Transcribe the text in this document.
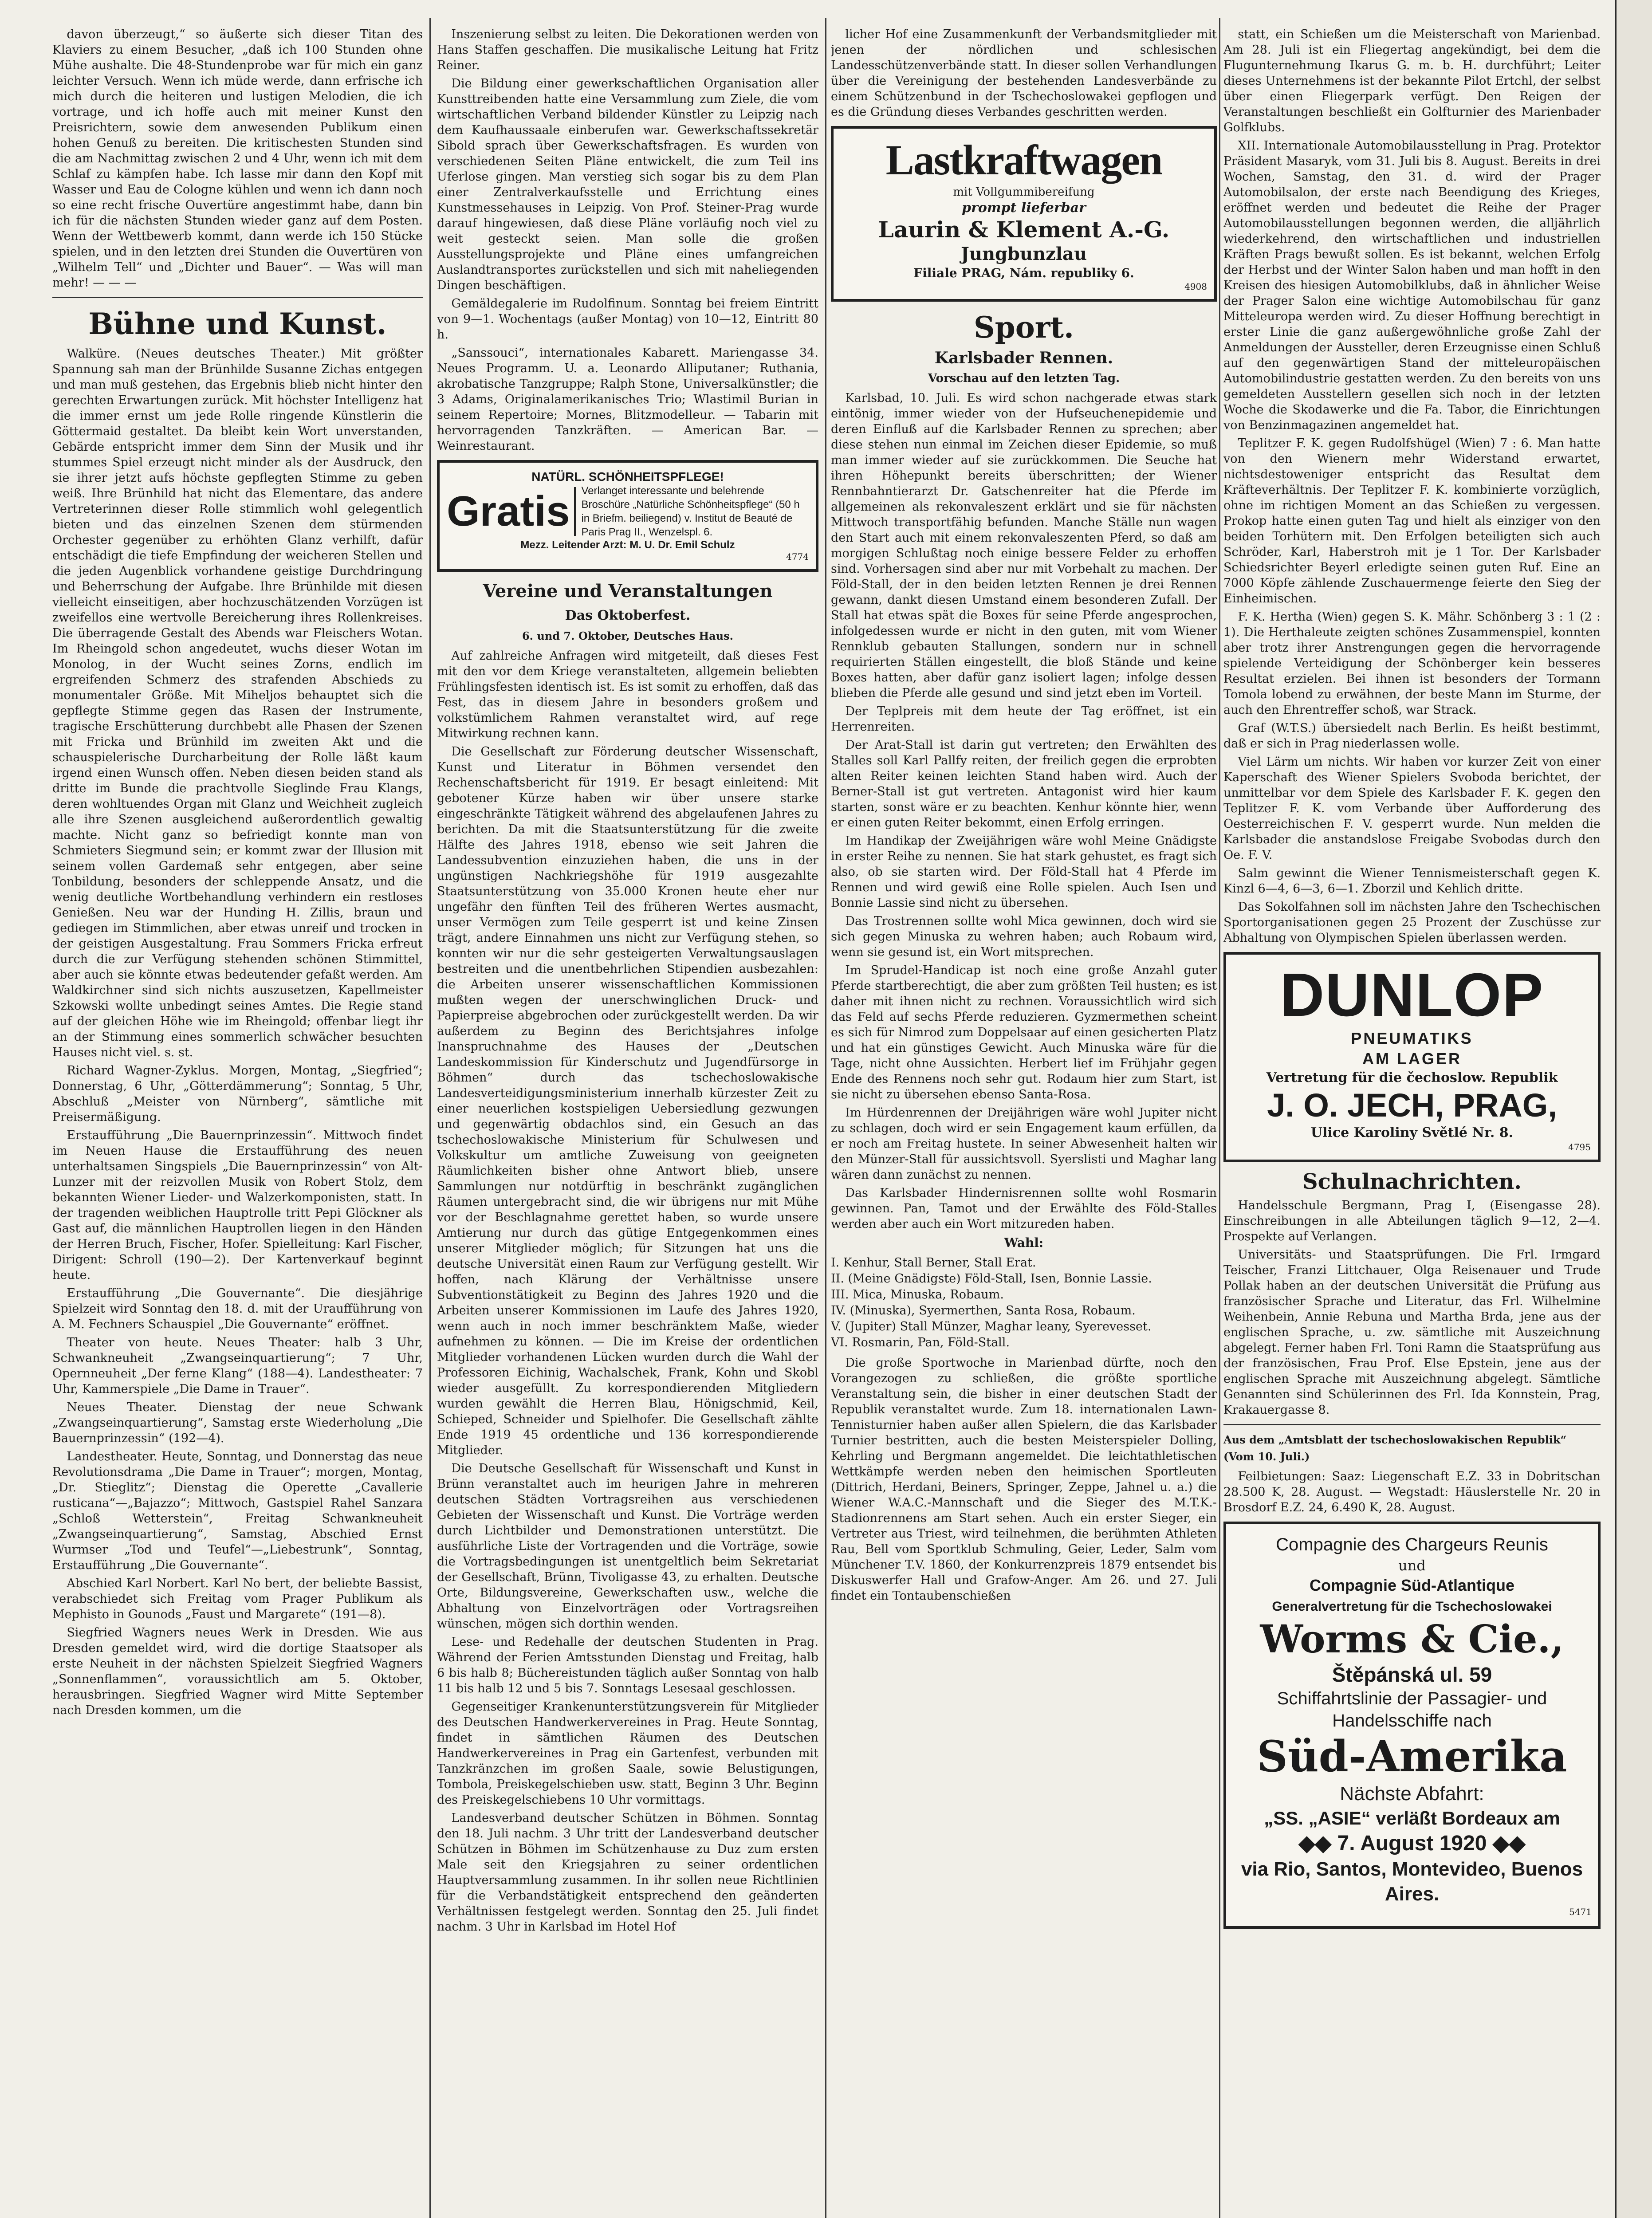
davon überzeugt,“ so äußerte sich dieser Titan des Klaviers zu einem Besucher, „daß ich 100 Stunden ohne Mühe aushalte. Die 48-Stundenprobe war für mich ein ganz leichter Versuch. Wenn ich müde werde, dann erfrische ich mich durch die heiteren und lustigen Melodien, die ich vortrage, und ich hoffe auch mit meiner Kunst den Preisrichtern, sowie dem anwesenden Publikum einen hohen Genuß zu bereiten. Die kritischesten Stunden sind die am Nachmittag zwischen 2 und 4 Uhr, wenn ich mit dem Schlaf zu kämpfen habe. Ich lasse mir dann den Kopf mit Wasser und Eau de Cologne kühlen und wenn ich dann noch so eine recht frische Ouvertüre angestimmt habe, dann bin ich für die nächsten Stunden wieder ganz auf dem Posten. Wenn der Wettbewerb kommt, dann werde ich 150 Stücke spielen, und in den letzten drei Stunden die Ouvertüren von „Wilhelm Tell“ und „Dichter und Bauer“. — Was will man mehr! — — —

Bühne und Kunst.

Walküre. (Neues deutsches Theater.) Mit größter Spannung sah man der Brünhilde Susanne Zichas entgegen und man muß gestehen, das Ergebnis blieb nicht hinter den gerechten Erwartungen zurück. Mit höchster Intelligenz hat die immer ernst um jede Rolle ringende Künstlerin die Göttermaid gestaltet. Da bleibt kein Wort unverstanden, Gebärde entspricht immer dem Sinn der Musik und ihr stummes Spiel erzeugt nicht minder als der Ausdruck, den sie ihrer jetzt aufs höchste gepflegten Stimme zu geben weiß. Ihre Brünhild hat nicht das Elementare, das andere Vertreterinnen dieser Rolle stimmlich wohl gelegentlich bieten und das einzelnen Szenen dem stürmenden Orchester gegenüber zu erhöhten Glanz verhilft, dafür entschädigt die tiefe Empfindung der weicheren Stellen und die jeden Augenblick vorhandene geistige Durchdringung und Beherrschung der Aufgabe. Ihre Brünhilde mit diesen vielleicht einseitigen, aber hochzuschätzenden Vorzügen ist zweifellos eine wertvolle Bereicherung ihres Rollenkreises. Die überragende Gestalt des Abends war Fleischers Wotan. Im Rheingold schon angedeutet, wuchs dieser Wotan im Monolog, in der Wucht seines Zorns, endlich im ergreifenden Schmerz des strafenden Abschieds zu monumentaler Größe. Mit Miheljos behauptet sich die gepflegte Stimme gegen das Rasen der Instrumente, tragische Erschütterung durchbebt alle Phasen der Szenen mit Fricka und Brünhild im zweiten Akt und die schauspielerische Durcharbeitung der Rolle läßt kaum irgend einen Wunsch offen. Neben diesen beiden stand als dritte im Bunde die prachtvolle Sieglinde Frau Klangs, deren wohltuendes Organ mit Glanz und Weichheit zugleich alle ihre Szenen ausgleichend außerordentlich gewaltig machte. Nicht ganz so befriedigt konnte man von Schmieters Siegmund sein; er kommt zwar der Illusion mit seinem vollen Gardemaß sehr entgegen, aber seine Tonbildung, besonders der schleppende Ansatz, und die wenig deutliche Wortbehandlung verhindern ein restloses Genießen. Neu war der Hunding H. Zillis, braun und gediegen im Stimmlichen, aber etwas unreif und trocken in der geistigen Ausgestaltung. Frau Sommers Fricka erfreut durch die zur Verfügung stehenden schönen Stimmittel, aber auch sie könnte etwas bedeutender gefaßt werden. Am Waldkirchner sind sich nichts auszusetzen, Kapellmeister Szkowski wollte unbedingt seines Amtes. Die Regie stand auf der gleichen Höhe wie im Rheingold; offenbar liegt ihr an der Stimmung eines sommerlich schwächer besuchten Hauses nicht viel. s. st.

Richard Wagner-Zyklus. Morgen, Montag, „Siegfried“; Donnerstag, 6 Uhr, „Götterdämmerung“; Sonntag, 5 Uhr, Abschluß „Meister von Nürnberg“, sämtliche mit Preisermäßigung.

Erstaufführung „Die Bauernprinzessin“. Mittwoch findet im Neuen Hause die Erstaufführung des neuen unterhaltsamen Singspiels „Die Bauernprinzessin“ von Alt-Lunzer mit der reizvollen Musik von Robert Stolz, dem bekannten Wiener Lieder- und Walzerkomponisten, statt. In der tragenden weiblichen Hauptrolle tritt Pepi Glöckner als Gast auf, die männlichen Hauptrollen liegen in den Händen der Herren Bruch, Fischer, Hofer. Spielleitung: Karl Fischer, Dirigent: Schroll (190—2). Der Kartenverkauf beginnt heute.

Erstaufführung „Die Gouvernante“. Die diesjährige Spielzeit wird Sonntag den 18. d. mit der Uraufführung von A. M. Fechners Schauspiel „Die Gouvernante“ eröffnet.

Theater von heute. Neues Theater: halb 3 Uhr, Schwankneuheit „Zwangseinquartierung“; 7 Uhr, Opernneuheit „Der ferne Klang“ (188—4). Landestheater: 7 Uhr, Kammerspiele „Die Dame in Trauer“.

Neues Theater. Dienstag der neue Schwank „Zwangseinquartierung“, Samstag erste Wiederholung „Die Bauernprinzessin“ (192—4).

Landestheater. Heute, Sonntag, und Donnerstag das neue Revolutionsdrama „Die Dame in Trauer“; morgen, Montag, „Dr. Stieglitz“; Dienstag die Operette „Cavallerie rusticana“—„Bajazzo“; Mittwoch, Gastspiel Rahel Sanzara „Schloß Wetterstein“, Freitag Schwankneuheit „Zwangseinquartierung“, Samstag, Abschied Ernst Wurmser „Tod und Teufel“—„Liebestrunk“, Sonntag, Erstaufführung „Die Gouvernante“.

Abschied Karl Norbert. Karl No bert, der beliebte Bassist, verabschiedet sich Freitag vom Prager Publikum als Mephisto in Gounods „Faust und Margarete“ (191—8).

Siegfried Wagners neues Werk in Dresden. Wie aus Dresden gemeldet wird, wird die dortige Staatsoper als erste Neuheit in der nächsten Spielzeit Siegfried Wagners „Sonnenflammen“, voraussichtlich am 5. Oktober, herausbringen. Siegfried Wagner wird Mitte September nach Dresden kommen, um die

Inszenierung selbst zu leiten. Die Dekorationen werden von Hans Staffen geschaffen. Die musikalische Leitung hat Fritz Reiner.

Die Bildung einer gewerkschaftlichen Organisation aller Kunsttreibenden hatte eine Versammlung zum Ziele, die vom wirtschaftlichen Verband bildender Künstler zu Leipzig nach dem Kaufhaussaale einberufen war. Gewerkschaftssekretär Sibold sprach über Gewerkschaftsfragen. Es wurden von verschiedenen Seiten Pläne entwickelt, die zum Teil ins Uferlose gingen. Man verstieg sich sogar bis zu dem Plan einer Zentralverkaufsstelle und Errichtung eines Kunstmessehauses in Leipzig. Von Prof. Steiner-Prag wurde darauf hingewiesen, daß diese Pläne vorläufig noch viel zu weit gesteckt seien. Man solle die großen Ausstellungsprojekte und Pläne eines umfangreichen Auslandtransportes zurückstellen und sich mit naheliegenden Dingen beschäftigen.

Gemäldegalerie im Rudolfinum. Sonntag bei freiem Eintritt von 9—1. Wochentags (außer Montag) von 10—12, Eintritt 80 h.

„Sanssouci“, internationales Kabarett. Mariengasse 34. Neues Programm. U. a. Leonardo Alliputaner; Ruthania, akrobatische Tanzgruppe; Ralph Stone, Universalkünstler; die 3 Adams, Originalamerikanisches Trio; Wlastimil Burian in seinem Repertoire; Mornes, Blitzmodelleur. — Tabarin mit hervorragenden Tanzkräften. — American Bar. — Weinrestaurant.

NATÜRL. SCHÖNHEITSPFLEGE!
Gratis	Verlanget interessante und belehrende Broschüre „Natürliche Schönheitspflege“ (50 h in Briefm. beiliegend) v. Institut de Beauté de Paris Prag II., Wenzelspl. 6.
Mezz. Leitender Arzt: M. U. Dr. Emil Schulz
4774
Vereine und Veranstaltungen
Das Oktoberfest.
6. und 7. Oktober, Deutsches Haus.

Auf zahlreiche Anfragen wird mitgeteilt, daß dieses Fest mit den vor dem Kriege veranstalteten, allgemein beliebten Frühlingsfesten identisch ist. Es ist somit zu erhoffen, daß das Fest, das in diesem Jahre in besonders großem und volkstümlichem Rahmen veranstaltet wird, auf rege Mitwirkung rechnen kann.

Die Gesellschaft zur Förderung deutscher Wissenschaft, Kunst und Literatur in Böhmen versendet den Rechenschaftsbericht für 1919. Er besagt einleitend: Mit gebotener Kürze haben wir über unsere starke eingeschränkte Tätigkeit während des abgelaufenen Jahres zu berichten. Da mit die Staatsunterstützung für die zweite Hälfte des Jahres 1918, ebenso wie seit Jahren die Landessubvention einzuziehen haben, die uns in der ungünstigen Nachkriegshöhe für 1919 ausgezahlte Staatsunterstützung von 35.000 Kronen heute eher nur ungefähr den fünften Teil des früheren Wertes ausmacht, unser Vermögen zum Teile gesperrt ist und keine Zinsen trägt, andere Einnahmen uns nicht zur Verfügung stehen, so konnten wir nur die sehr gesteigerten Verwaltungsauslagen bestreiten und die unentbehrlichen Stipendien ausbezahlen: die Arbeiten unserer wissenschaftlichen Kommissionen mußten wegen der unerschwinglichen Druck- und Papierpreise abgebrochen oder zurückgestellt werden. Da wir außerdem zu Beginn des Berichtsjahres infolge Inanspruchnahme des Hauses der „Deutschen Landeskommission für Kinderschutz und Jugendfürsorge in Böhmen“ durch das tschechoslowakische Landesverteidigungsministerium innerhalb kürzester Zeit zu einer neuerlichen kostspieligen Uebersiedlung gezwungen und gegenwärtig obdachlos sind, ein Gesuch an das tschechoslowakische Ministerium für Schulwesen und Volkskultur um amtliche Zuweisung von geeigneten Räumlichkeiten bisher ohne Antwort blieb, unsere Sammlungen nur notdürftig in beschränkt zugänglichen Räumen untergebracht sind, die wir übrigens nur mit Mühe vor der Beschlagnahme gerettet haben, so wurde unsere Amtierung nur durch das gütige Entgegenkommen eines unserer Mitglieder möglich; für Sitzungen hat uns die deutsche Universität einen Raum zur Verfügung gestellt. Wir hoffen, nach Klärung der Verhältnisse unsere Subventionstätigkeit zu Beginn des Jahres 1920 und die Arbeiten unserer Kommissionen im Laufe des Jahres 1920, wenn auch in noch immer beschränktem Maße, wieder aufnehmen zu können. — Die im Kreise der ordentlichen Mitglieder vorhandenen Lücken wurden durch die Wahl der Professoren Eichinig, Wachalschek, Frank, Kohn und Skobl wieder ausgefüllt. Zu korrespondierenden Mitgliedern wurden gewählt die Herren Blau, Hönigschmid, Keil, Schieped, Schneider und Spielhofer. Die Gesellschaft zählte Ende 1919 45 ordentliche und 136 korrespondierende Mitglieder.

Die Deutsche Gesellschaft für Wissenschaft und Kunst in Brünn veranstaltet auch im heurigen Jahre in mehreren deutschen Städten Vortragsreihen aus verschiedenen Gebieten der Wissenschaft und Kunst. Die Vorträge werden durch Lichtbilder und Demonstrationen unterstützt. Die ausführliche Liste der Vortragenden und die Vorträge, sowie die Vortragsbedingungen ist unentgeltlich beim Sekretariat der Gesellschaft, Brünn, Tivoligasse 43, zu erhalten. Deutsche Orte, Bildungsvereine, Gewerkschaften usw., welche die Abhaltung von Einzelvorträgen oder Vortragsreihen wünschen, mögen sich dorthin wenden.

Lese- und Redehalle der deutschen Studenten in Prag. Während der Ferien Amtsstunden Dienstag und Freitag, halb 6 bis halb 8; Büchereistunden täglich außer Sonntag von halb 11 bis halb 12 und 5 bis 7. Sonntags Lesesaal geschlossen.

Gegenseitiger Krankenunterstützungsverein für Mitglieder des Deutschen Handwerkervereines in Prag. Heute Sonntag, findet in sämtlichen Räumen des Deutschen Handwerkervereines in Prag ein Gartenfest, verbunden mit Tanzkränzchen im großen Saale, sowie Belustigungen, Tombola, Preiskegelschieben usw. statt, Beginn 3 Uhr. Beginn des Preiskegelschiebens 10 Uhr vormittags.

Landesverband deutscher Schützen in Böhmen. Sonntag den 18. Juli nachm. 3 Uhr tritt der Landesverband deutscher Schützen in Böhmen im Schützenhause zu Duz zum ersten Male seit den Kriegsjahren zu seiner ordentlichen Hauptversammlung zusammen. In ihr sollen neue Richtlinien für die Verbandstätigkeit entsprechend den geänderten Verhältnissen festgelegt werden. Sonntag den 25. Juli findet nachm. 3 Uhr in Karlsbad im Hotel Hof

licher Hof eine Zusammenkunft der Verbandsmitglieder mit jenen der nördlichen und schlesischen Landesschützenverbände statt. In dieser sollen Verhandlungen über die Vereinigung der bestehenden Landesverbände zu einem Schützenbund in der Tschechoslowakei gepflogen und es die Gründung dieses Verbandes geschritten werden.

Lastkraftwagen
mit Vollgummibereifung
prompt lieferbar
Laurin & Klement A.-G.
Jungbunzlau
Filiale PRAG, Nám. republiky 6.
4908
Sport.
Karlsbader Rennen.
Vorschau auf den letzten Tag.

Karlsbad, 10. Juli. Es wird schon nachgerade etwas stark eintönig, immer wieder von der Hufseuchenepidemie und deren Einfluß auf die Karlsbader Rennen zu sprechen; aber diese stehen nun einmal im Zeichen dieser Epidemie, so muß man immer wieder auf sie zurückkommen. Die Seuche hat ihren Höhepunkt bereits überschritten; der Wiener Rennbahntierarzt Dr. Gatschenreiter hat die Pferde im allgemeinen als rekonvaleszent erklärt und sie für nächsten Mittwoch transportfähig befunden. Manche Ställe nun wagen den Start auch mit einem rekonvaleszenten Pferd, so daß am morgigen Schlußtag noch einige bessere Felder zu erhoffen sind. Vorhersagen sind aber nur mit Vorbehalt zu machen. Der Föld-Stall, der in den beiden letzten Rennen je drei Rennen gewann, dankt diesen Umstand einem besonderen Zufall. Der Stall hat etwas spät die Boxes für seine Pferde angesprochen, infolgedessen wurde er nicht in den guten, mit vom Wiener Rennklub gebauten Stallungen, sondern nur in schnell requirierten Ställen eingestellt, die bloß Stände und keine Boxes hatten, aber dafür ganz isoliert lagen; infolge dessen blieben die Pferde alle gesund und sind jetzt eben im Vorteil.

Der Teplpreis mit dem heute der Tag eröffnet, ist ein Herrenreiten.

Der Arat-Stall ist darin gut vertreten; den Erwählten des Stalles soll Karl Pallfy reiten, der freilich gegen die erprobten alten Reiter keinen leichten Stand haben wird. Auch der Berner-Stall ist gut vertreten. Antagonist wird hier kaum starten, sonst wäre er zu beachten. Kenhur könnte hier, wenn er einen guten Reiter bekommt, einen Erfolg erringen.

Im Handikap der Zweijährigen wäre wohl Meine Gnädigste in erster Reihe zu nennen. Sie hat stark gehustet, es fragt sich also, ob sie starten wird. Der Föld-Stall hat 4 Pferde im Rennen und wird gewiß eine Rolle spielen. Auch Isen und Bonnie Lassie sind nicht zu übersehen.

Das Trostrennen sollte wohl Mica gewinnen, doch wird sie sich gegen Minuska zu wehren haben; auch Robaum wird, wenn sie gesund ist, ein Wort mitsprechen.

Im Sprudel-Handicap ist noch eine große Anzahl guter Pferde startberechtigt, die aber zum größten Teil husten; es ist daher mit ihnen nicht zu rechnen. Voraussichtlich wird sich das Feld auf sechs Pferde reduzieren. Gyzmermethen scheint es sich für Nimrod zum Doppelsaar auf einen gesicherten Platz und hat ein günstiges Gewicht. Auch Minuska wäre für die Tage, nicht ohne Aussichten. Herbert lief im Frühjahr gegen Ende des Rennens noch sehr gut. Rodaum hier zum Start, ist sie nicht zu übersehen ebenso Santa-Rosa.

Im Hürdenrennen der Dreijährigen wäre wohl Jupiter nicht zu schlagen, doch wird er sein Engagement kaum erfüllen, da er noch am Freitag hustete. In seiner Abwesenheit halten wir den Münzer-Stall für aussichtsvoll. Syerslisti und Maghar lang wären dann zunächst zu nennen.

Das Karlsbader Hindernisrennen sollte wohl Rosmarin gewinnen. Pan, Tamot und der Erwählte des Föld-Stalles werden aber auch ein Wort mitzureden haben.

Wahl:
I. Kenhur, Stall Berner, Stall Erat.
II. (Meine Gnädigste) Föld-Stall, Isen, Bonnie Lassie.
III. Mica, Minuska, Robaum.
IV. (Minuska), Syermerthen, Santa Rosa, Robaum.
V. (Jupiter) Stall Münzer, Maghar leany, Syerevesset.
VI. Rosmarin, Pan, Föld-Stall.

Die große Sportwoche in Marienbad dürfte, noch den Vorangezogen zu schließen, die größte sportliche Veranstaltung sein, die bisher in einer deutschen Stadt der Republik veranstaltet wurde. Zum 18. internationalen Lawn-Tennisturnier haben außer allen Spielern, die das Karlsbader Turnier bestritten, auch die besten Meisterspieler Dolling, Kehrling und Bergmann angemeldet. Die leichtathletischen Wettkämpfe werden neben den heimischen Sportleuten (Dittrich, Herdani, Beiners, Springer, Zeppe, Jahnel u. a.) die Wiener W.A.C.-Mannschaft und die Sieger des M.T.K.-Stadionrennens am Start sehen. Auch ein erster Sieger, ein Vertreter aus Triest, wird teilnehmen, die berühmten Athleten Rau, Bell vom Sportklub Schmuling, Geier, Leder, Salm vom Münchener T.V. 1860, der Konkurrenzpreis 1879 entsendet bis Diskuswerfer Hall und Grafow-Anger. Am 26. und 27. Juli findet ein Tontaubenschießen

statt, ein Schießen um die Meisterschaft von Marienbad. Am 28. Juli ist ein Fliegertag angekündigt, bei dem die Flugunternehmung Ikarus G. m. b. H. durchführt; Leiter dieses Unternehmens ist der bekannte Pilot Ertchl, der selbst über einen Fliegerpark verfügt. Den Reigen der Veranstaltungen beschließt ein Golfturnier des Marienbader Golfklubs.

XII. Internationale Automobilausstellung in Prag. Protektor Präsident Masaryk, vom 31. Juli bis 8. August. Bereits in drei Wochen, Samstag, den 31. d. wird der Prager Automobilsalon, der erste nach Beendigung des Krieges, eröffnet werden und bedeutet die Reihe der Prager Automobilausstellungen begonnen werden, die alljährlich wiederkehrend, den wirtschaftlichen und industriellen Kräften Prags bewußt sollen. Es ist bekannt, welchen Erfolg der Herbst und der Winter Salon haben und man hofft in den Kreisen des hiesigen Automobilklubs, daß in ähnlicher Weise der Prager Salon eine wichtige Automobilschau für ganz Mitteleuropa werden wird. Zu dieser Hoffnung berechtigt in erster Linie die ganz außergewöhnliche große Zahl der Anmeldungen der Aussteller, deren Erzeugnisse einen Schluß auf den gegenwärtigen Stand der mitteleuropäischen Automobilindustrie gestatten werden. Zu den bereits von uns gemeldeten Ausstellern gesellen sich noch in der letzten Woche die Skodawerke und die Fa. Tabor, die Einrichtungen von Benzinmagazinen angemeldet hat.

Teplitzer F. K. gegen Rudolfshügel (Wien) 7 : 6. Man hatte von den Wienern mehr Widerstand erwartet, nichtsdestoweniger entspricht das Resultat dem Kräfteverhältnis. Der Teplitzer F. K. kombinierte vorzüglich, ohne im richtigen Moment an das Schießen zu vergessen. Prokop hatte einen guten Tag und hielt als einziger von den beiden Torhütern mit. Den Erfolgen beteiligten sich auch Schröder, Karl, Haberstroh mit je 1 Tor. Der Karlsbader Schiedsrichter Beyerl erledigte seinen guten Ruf. Eine an 7000 Köpfe zählende Zuschauermenge feierte den Sieg der Einheimischen.

F. K. Hertha (Wien) gegen S. K. Mähr. Schönberg 3 : 1 (2 : 1). Die Herthaleute zeigten schönes Zusammenspiel, konnten aber trotz ihrer Anstrengungen gegen die hervorragende spielende Verteidigung der Schönberger kein besseres Resultat erzielen. Bei ihnen ist besonders der Tormann Tomola lobend zu erwähnen, der beste Mann im Sturme, der auch den Ehrentreffer schoß, war Strack.

Graf (W.T.S.) übersiedelt nach Berlin. Es heißt bestimmt, daß er sich in Prag niederlassen wolle.

Viel Lärm um nichts. Wir haben vor kurzer Zeit von einer Kaperschaft des Wiener Spielers Svoboda berichtet, der unmittelbar vor dem Spiele des Karlsbader F. K. gegen den Teplitzer F. K. vom Verbande über Aufforderung des Oesterreichischen F. V. gesperrt wurde. Nun melden die Karlsbader die anstandslose Freigabe Svobodas durch den Oe. F. V.

Salm gewinnt die Wiener Tennismeisterschaft gegen K. Kinzl 6—4, 6—3, 6—1. Zborzil und Kehlich dritte.

Das Sokolfahnen soll im nächsten Jahre den Tschechischen Sportorganisationen gegen 25 Prozent der Zuschüsse zur Abhaltung von Olympischen Spielen überlassen werden.

DUNLOP
PNEUMATIKS
AM LAGER
Vertretung für die čechoslow. Republik
J. O. JECH, PRAG,
Ulice Karoliny Světlé Nr. 8.
4795
Schulnachrichten.

Handelsschule Bergmann, Prag I, (Eisengasse 28). Einschreibungen in alle Abteilungen täglich 9—12, 2—4. Prospekte auf Verlangen.

Universitäts- und Staatsprüfungen. Die Frl. Irmgard Teischer, Franzi Littchauer, Olga Reisenauer und Trude Pollak haben an der deutschen Universität die Prüfung aus französischer Sprache und Literatur, das Frl. Wilhelmine Weihenbein, Annie Rebuna und Martha Brda, jene aus der englischen Sprache, u. zw. sämtliche mit Auszeichnung abgelegt. Ferner haben Frl. Toni Ramn die Staatsprüfung aus der französischen, Frau Prof. Else Epstein, jene aus der englischen Sprache mit Auszeichnung abgelegt. Sämtliche Genannten sind Schülerinnen des Frl. Ida Konnstein, Prag, Krakauergasse 8.

Aus dem „Amtsblatt der tschechoslowakischen Republik“ (Vom 10. Juli.)

Feilbietungen: Saaz: Liegenschaft E.Z. 33 in Dobritschan 28.500 K, 28. August. — Wegstadt: Häuslerstelle Nr. 20 in Brosdorf E.Z. 24, 6.490 K, 28. August.

Compagnie des Chargeurs Reunis
und
Compagnie Süd-Atlantique
Generalvertretung für die Tschechoslowakei
Worms & Cie.,
Štěpánská ul. 59
Schiffahrtslinie der Passagier- und Handelsschiffe nach
Süd-Amerika
Nächste Abfahrt:
„SS. „ASIE“ verläßt Bordeaux am
◆◆ 7. August 1920 ◆◆
via Rio, Santos, Montevideo, Buenos Aires.
5471
